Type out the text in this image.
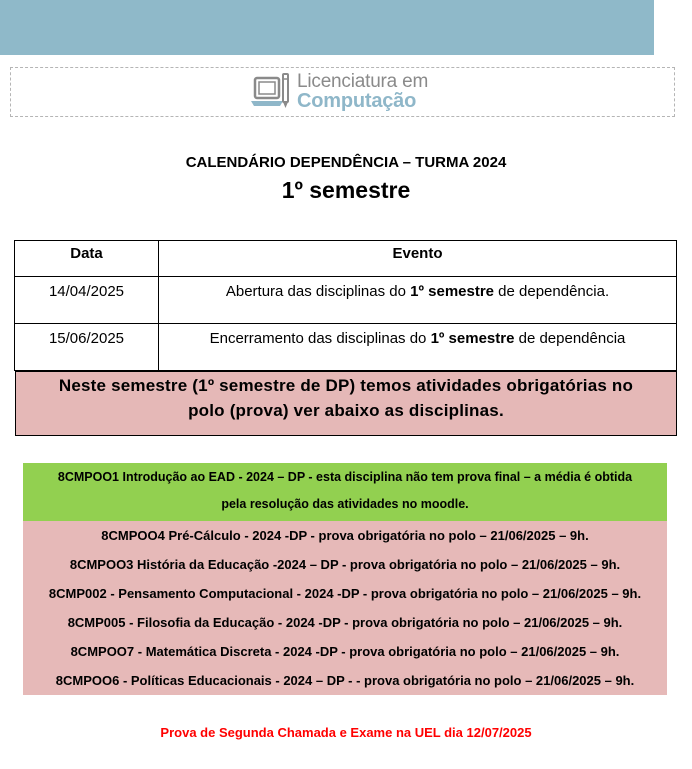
Licenciatura em
Computação
CALENDÁRIO DEPENDÊNCIA – TURMA 2024
1º semestre
Data	Evento
14/04/2025	Abertura das disciplinas do 1º semestre de dependência.
15/06/2025	Encerramento das disciplinas do 1º semestre de dependência
Neste semestre (1º semestre de DP) temos atividades obrigatórias no
polo (prova) ver abaixo as disciplinas.
8CMPOO1 Introdução ao EAD - 2024 – DP - esta disciplina não tem prova final – a média é obtida
pela resolução das atividades no moodle.
8CMPOO4 Pré-Cálculo - 2024 -DP - prova obrigatória no polo – 21/06/2025 – 9h.
8CMPOO3 História da Educação -2024 – DP - prova obrigatória no polo – 21/06/2025 – 9h.
8CMP002 - Pensamento Computacional - 2024 -DP - prova obrigatória no polo – 21/06/2025 – 9h.
8CMP005 - Filosofia da Educação - 2024 -DP - prova obrigatória no polo – 21/06/2025 – 9h.
8CMPOO7 - Matemática Discreta - 2024 -DP - prova obrigatória no polo – 21/06/2025 – 9h.
8CMPOO6 - Políticas Educacionais - 2024 – DP - - prova obrigatória no polo – 21/06/2025 – 9h.
Prova de Segunda Chamada e Exame na UEL dia 12/07/2025
